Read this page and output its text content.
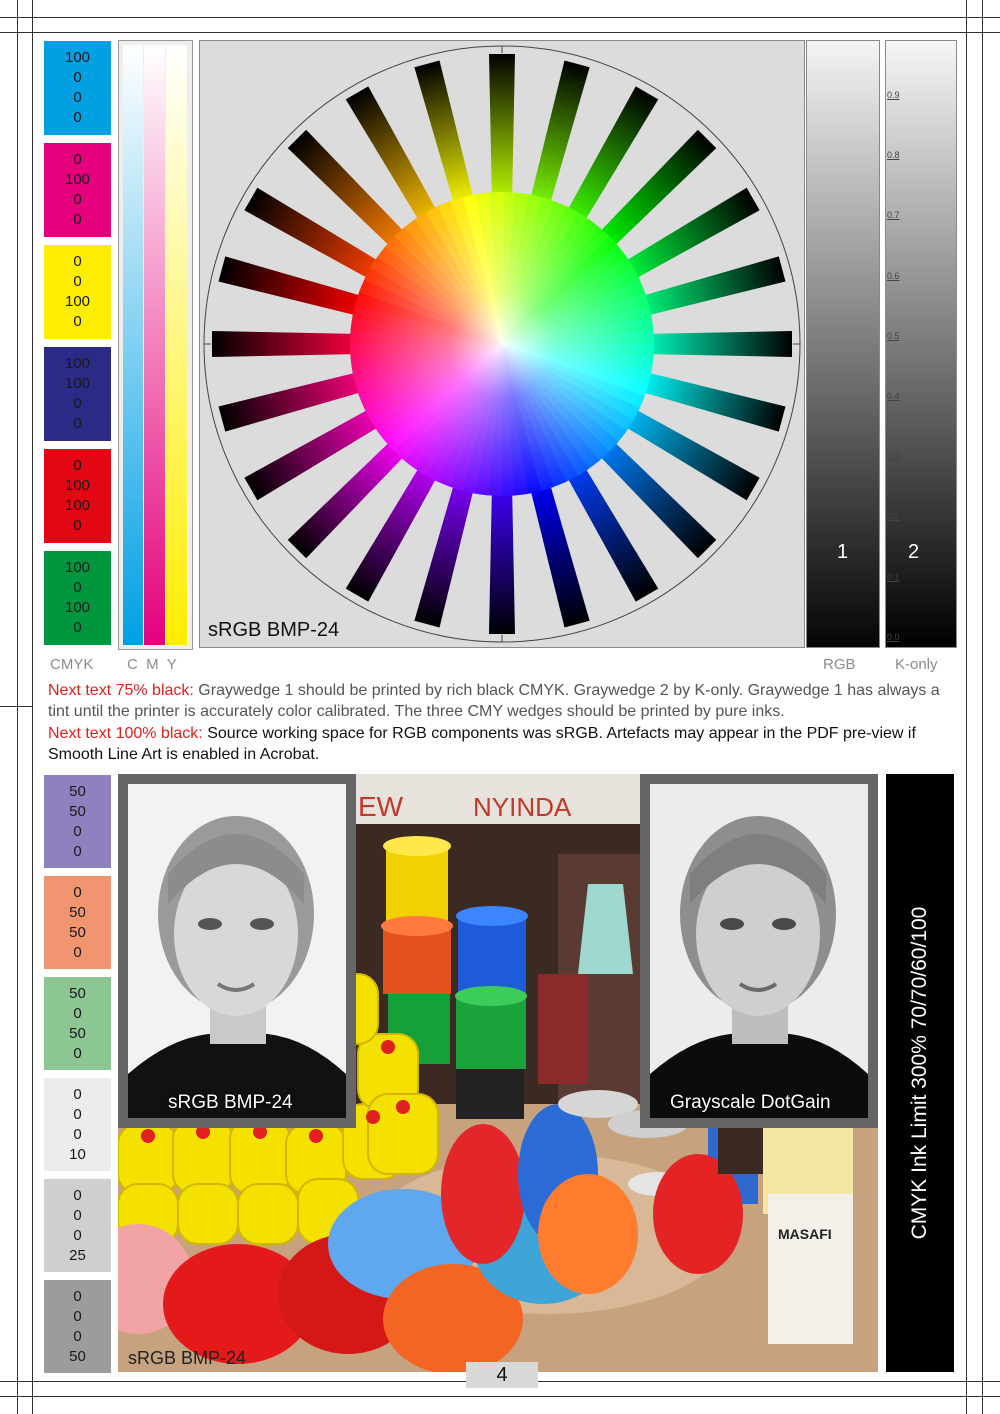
100
0
0
0
0
100
0
0
0
0
100
0
100
100
0
0
0
100
100
0
100
0
100
0	sRGB BMP-24
1	2
0.9
0.8
0.7
0.6
0.5
0.4
0.3
0.2
0.1
0.0
CMYK C  M  Y	RGB	K-only
Next text 75% black: Graywedge 1 should be printed by rich black CMYK. Graywedge 2 by K-only. Graywedge 1 has always a tint until the printer is accurately color calibrated. The three CMY wedges should be printed by pure inks.
Next text 100% black: Source working space for RGB components was sRGB. Artefacts may appear in the PDF pre-view if Smooth Line Art is enabled in Acrobat.
50
50
0
0
0
50
50
0
50
0
50
0
0
0
0
10
0
0
0
25
0
0
0
50
EW	NYINDA
MASAFI
sRGB BMP-24
sRGB BMP-24	Grayscale DotGain	CMYK Ink Limit 300% 70/70/60/100
4
